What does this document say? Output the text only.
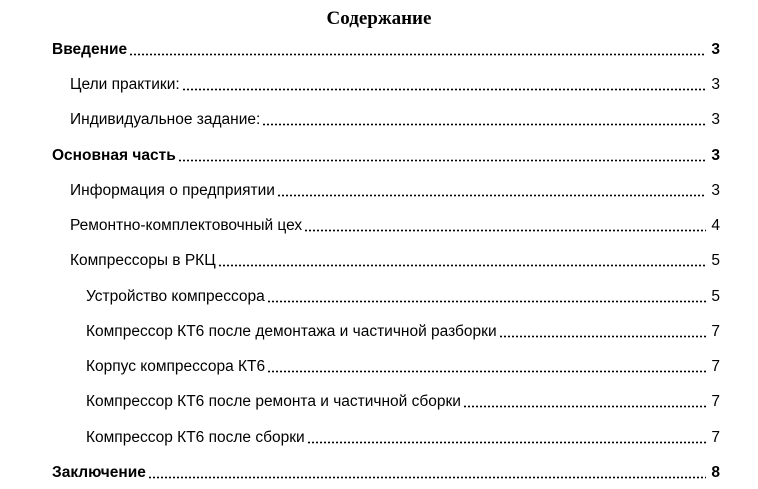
Содержание
Введение	3
Цели практики:	3
Индивидуальное задание:	3
Основная часть	3
Информация о предприятии	3
Ремонтно-комплектовочный цех	4
Компрессоры в РКЦ	5
Устройство компрессора	5
Компрессор КТ6 после демонтажа и частичной разборки	7
Корпус компрессора КТ6	7
Компрессор КТ6 после ремонта и частичной сборки	7
Компрессор КТ6 после сборки	7
Заключение	8
